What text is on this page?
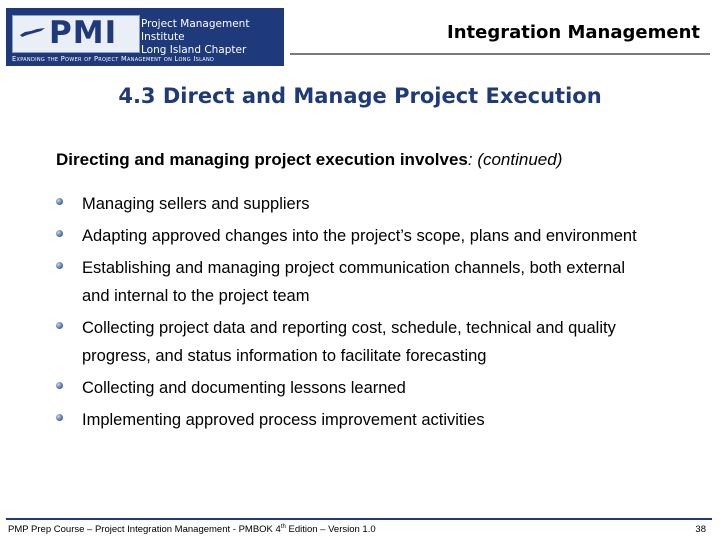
PMI Project Management Institute
Long Island Chapter
Expanding the Power of Project Management on Long Island
Integration Management
4.3 Direct and Manage Project Execution
Directing and managing project execution involves: (continued)
Managing sellers and suppliers
Adapting approved changes into the project’s scope, plans and environment
Establishing and managing project communication channels, both external and internal to the project team
Collecting project data and reporting cost, schedule, technical and quality progress, and status information to facilitate forecasting
Collecting and documenting lessons learned
Implementing approved process improvement activities
PMP Prep Course – Project Integration Management - PMBOK 4th Edition – Version 1.0	38
